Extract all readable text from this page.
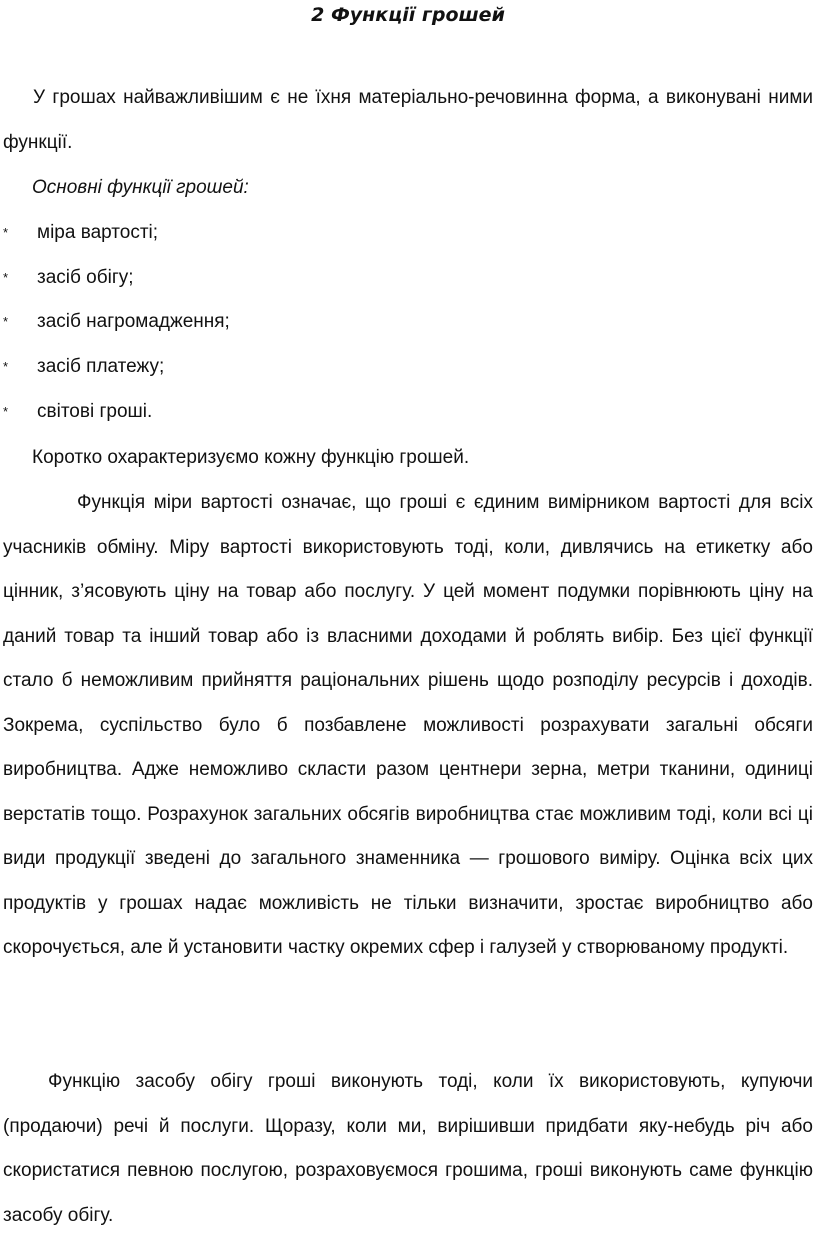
2 Функції грошей

У грошах найважливішим є не їхня матеріально-речовинна форма, а виконувані ними функції.

Основні функції грошей:
* міра вартості;
* засіб обігу;
* засіб нагромадження;
* засіб платежу;
* світові гроші.
Коротко охарактеризуємо кожну функцію грошей.

Функція міри вартості означає, що гроші є єдиним вимірником вартості для всіх учасників обміну. Міру вартості використовують тоді, коли, дивлячись на етикетку або цінник, з’ясовують ціну на товар або послугу. У цей момент подумки порівнюють ціну на даний товар та інший товар або із власними доходами й роблять вибір. Без цієї функції стало б неможливим прийняття раціональних рішень щодо розподілу ресурсів і доходів. Зокрема, суспільство було б позбавлене можливості розрахувати загальні обсяги виробництва. Адже неможливо скласти разом центнери зерна, метри тканини, одиниці верстатів тощо. Розрахунок загальних обсягів виробництва стає можливим тоді, коли всі ці види продукції зведені до загального знаменника — грошового виміру. Оцінка всіх цих продуктів у грошах надає можливість не тільки визначити, зростає виробництво або скорочується, але й установити частку окремих сфер і галузей у створюваному продукті.

Функцію засобу обігу гроші виконують тоді, коли їх використовують, купуючи (продаючи) речі й послуги. Щоразу, коли ми, вирішивши придбати яку-небудь річ або скористатися певною послугою, розраховуємося грошима, гроші виконують саме функцію засобу обігу.
